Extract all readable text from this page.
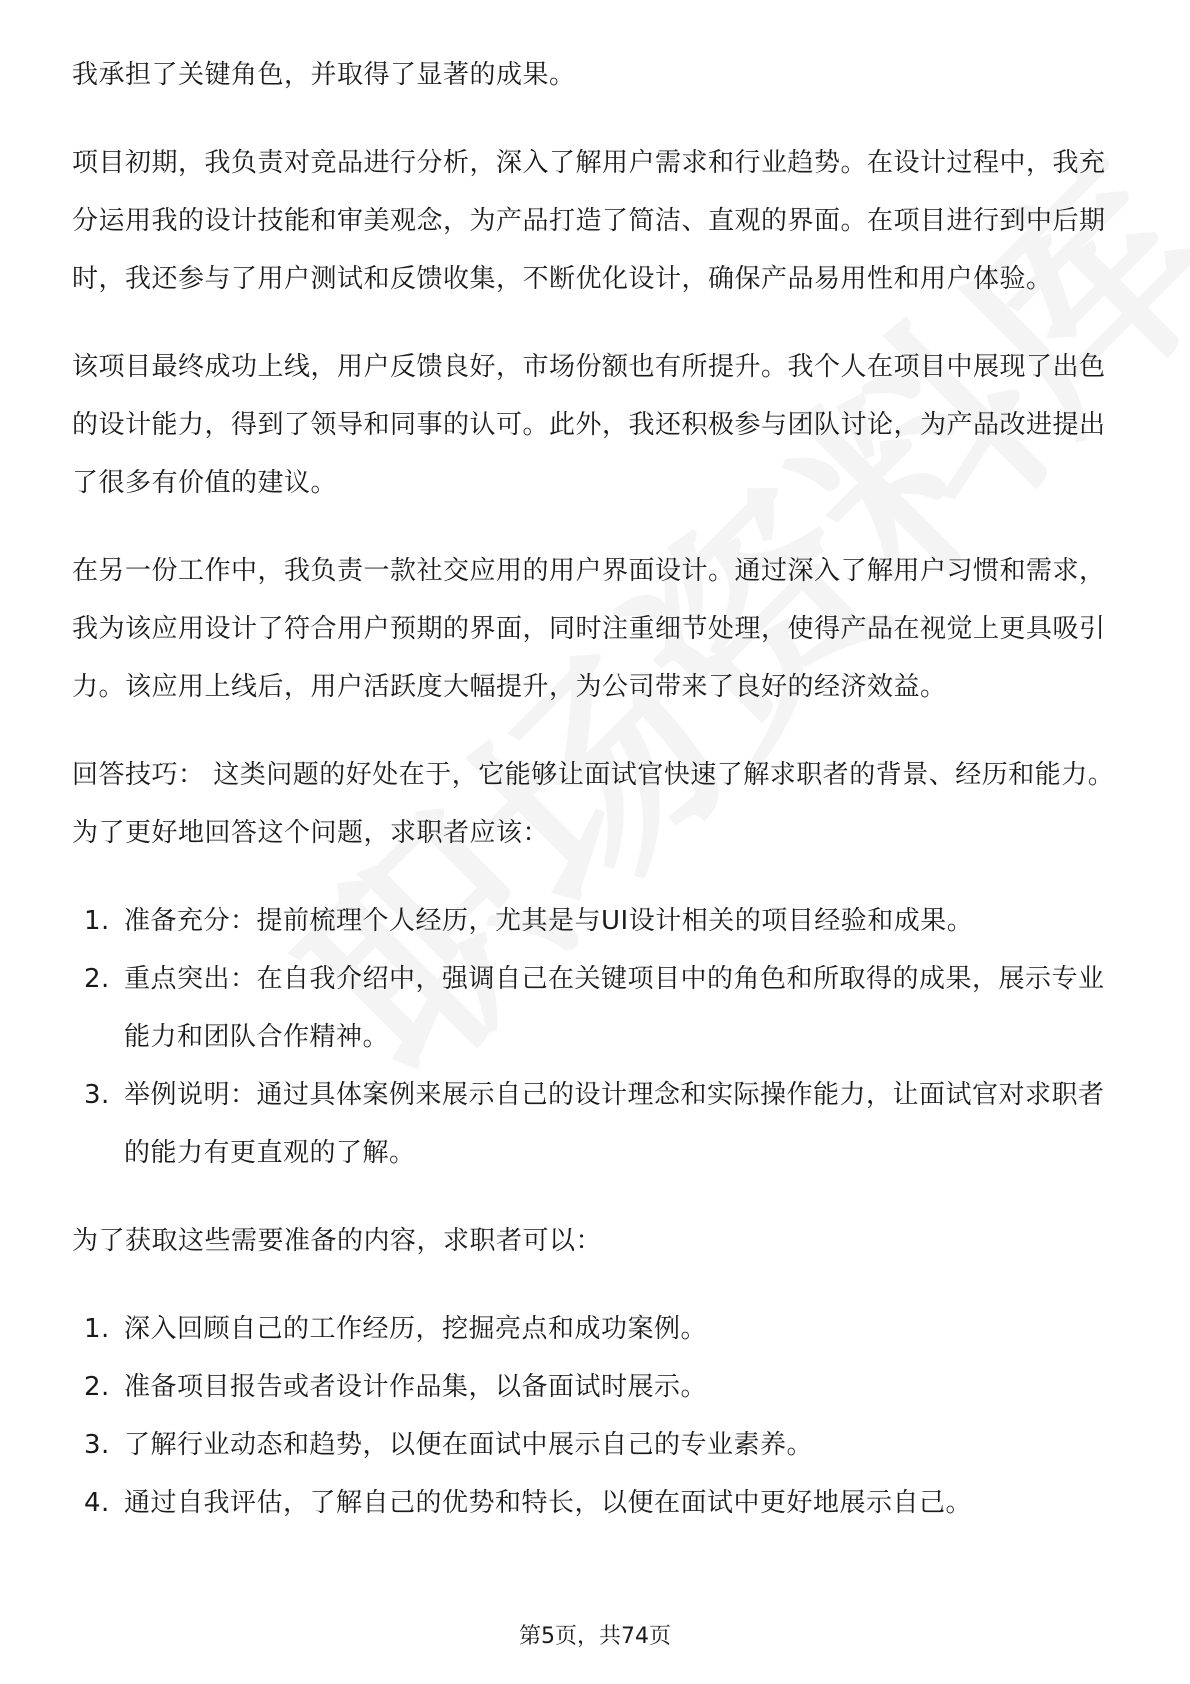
我承担了关键角色，并取得了显著的成果。

项目初期，我负责对竞品进行分析，深入了解用户需求和行业趋势。在设计过程中，我充分运用我的设计技能和审美观念，为产品打造了简洁、直观的界面。在项目进行到中后期时，我还参与了用户测试和反馈收集，不断优化设计，确保产品易用性和用户体验。

该项目最终成功上线，用户反馈良好，市场份额也有所提升。我个人在项目中展现了出色的设计能力，得到了领导和同事的认可。此外，我还积极参与团队讨论，为产品改进提出了很多有价值的建议。

在另一份工作中，我负责一款社交应用的用户界面设计。通过深入了解用户习惯和需求，我为该应用设计了符合用户预期的界面，同时注重细节处理，使得产品在视觉上更具吸引力。该应用上线后，用户活跃度大幅提升，为公司带来了良好的经济效益。

回答技巧： 这类问题的好处在于，它能够让面试官快速了解求职者的背景、经历和能力。为了更好地回答这个问题，求职者应该：

1. 准备充分：提前梳理个人经历，尤其是与UI设计相关的项目经验和成果。
2. 重点突出：在自我介绍中，强调自己在关键项目中的角色和所取得的成果，展示专业能力和团队合作精神。
3. 举例说明：通过具体案例来展示自己的设计理念和实际操作能力，让面试官对求职者的能力有更直观的了解。

为了获取这些需要准备的内容，求职者可以：

1. 深入回顾自己的工作经历，挖掘亮点和成功案例。
2. 准备项目报告或者设计作品集，以备面试时展示。
3. 了解行业动态和趋势，以便在面试中展示自己的专业素养。
4. 通过自我评估，了解自己的优势和特长，以便在面试中更好地展示自己。
第5页，共74页
